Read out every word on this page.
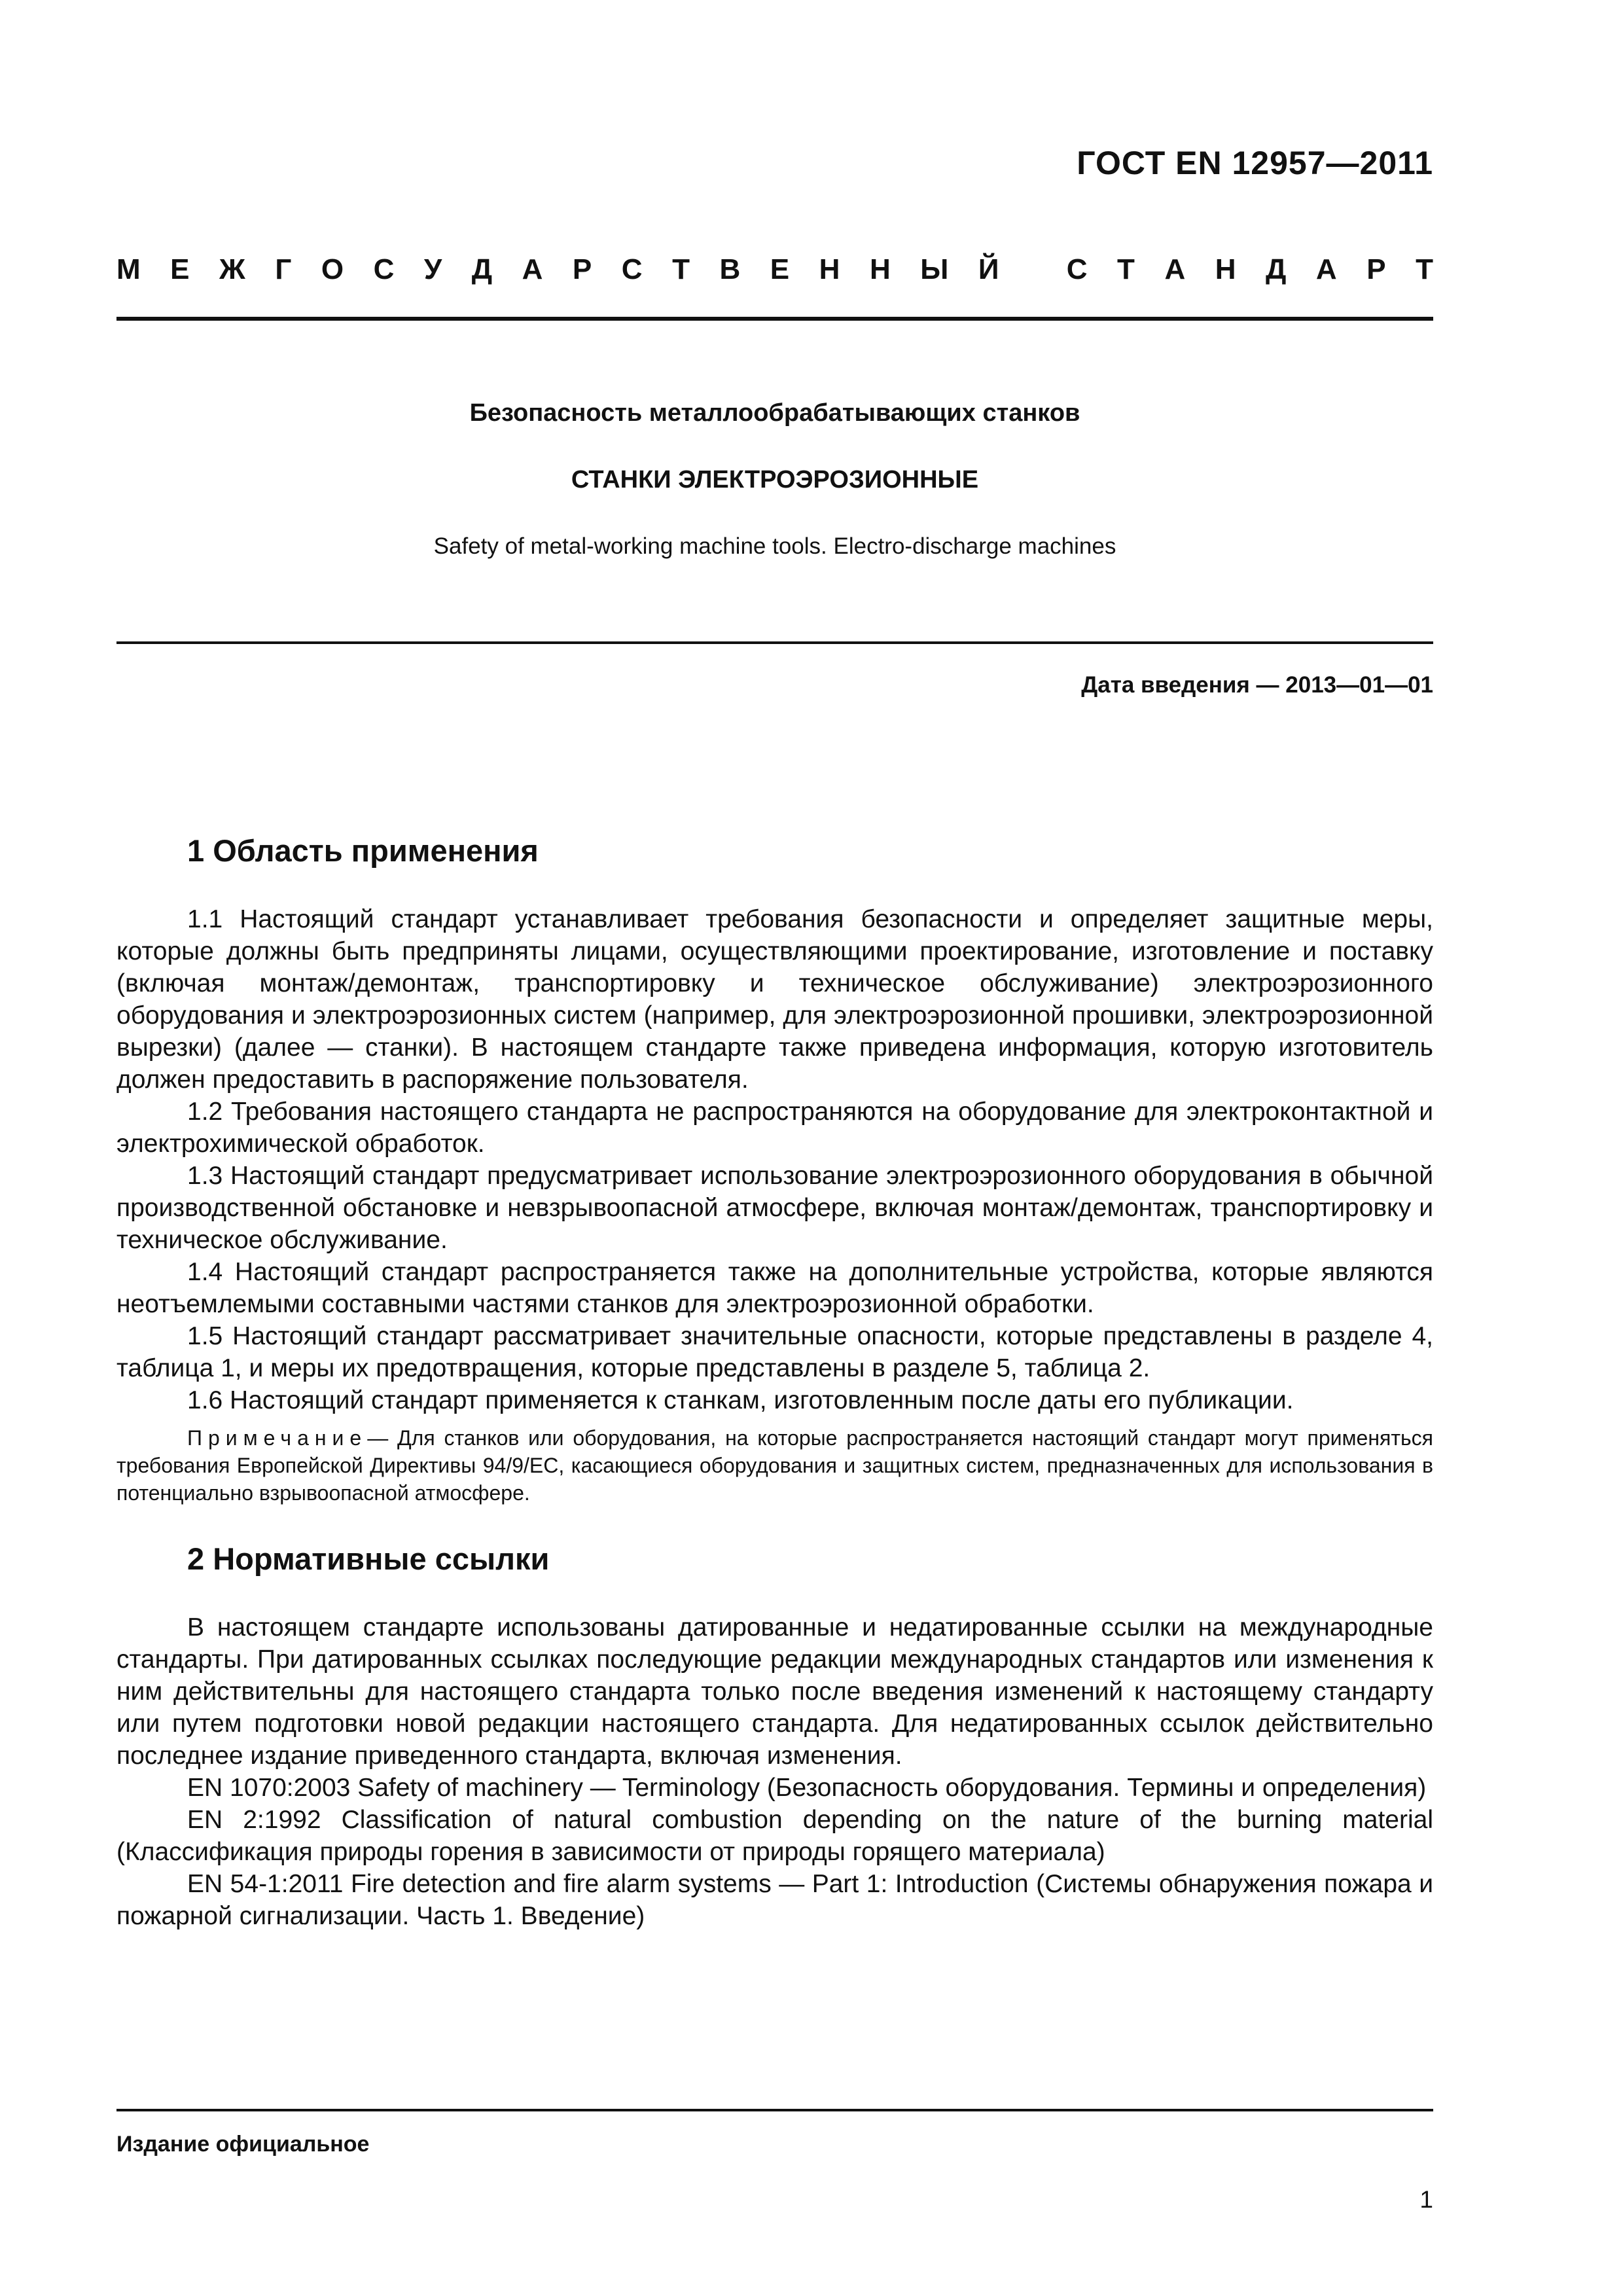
ГОСТ EN 12957—2011
М Е Ж Г О С У Д А Р С Т В Е Н Н Ы Й
С Т А Н Д А Р Т
Безопасность металлообрабатывающих станков
СТАНКИ ЭЛЕКТРОЭРОЗИОННЫЕ
Safety of metal-working machine tools. Electro-discharge machines
Дата введения — 2013—01—01
1 Область применения

1.1 Настоящий стандарт устанавливает требования безопасности и определяет защитные меры, которые должны быть предприняты лицами, осуществляющими проектирование, изготовление и поставку (включая монтаж/демонтаж, транспортировку и техническое обслуживание) электроэрозионного оборудования и электроэрозионных систем (например, для электроэрозионной прошивки, электроэрозионной вырезки) (далее — станки). В настоящем стандарте также приведена информация, которую изготовитель должен предоставить в распоряжение пользователя.

1.2 Требования настоящего стандарта не распространяются на оборудование для электроконтактной и электрохимической обработок.

1.3 Настоящий стандарт предусматривает использование электроэрозионного оборудования в обычной производственной обстановке и невзрывоопасной атмосфере, включая монтаж/демонтаж, транспортировку и техническое обслуживание.

1.4 Настоящий стандарт распространяется также на дополнительные устройства, которые являются неотъемлемыми составными частями станков для электроэрозионной обработки.

1.5 Настоящий стандарт рассматривает значительные опасности, которые представлены в разделе 4, таблица 1, и меры их предотвращения, которые представлены в разделе 5, таблица 2.

1.6 Настоящий стандарт применяется к станкам, изготовленным после даты его публикации.

Примечание— Для станков или оборудования, на которые распространяется настоящий стандарт могут применяться требования Европейской Директивы 94/9/ЕС, касающиеся оборудования и защитных систем, предназначенных для использования в потенциально взрывоопасной атмосфере.

2 Нормативные ссылки

В настоящем стандарте использованы датированные и недатированные ссылки на международные стандарты. При датированных ссылках последующие редакции международных стандартов или изменения к ним действительны для настоящего стандарта только после введения изменений к настоящему стандарту или путем подготовки новой редакции настоящего стандарта. Для недатированных ссылок действительно последнее издание приведенного стандарта, включая изменения.

EN 1070:2003 Safety of machinery — Terminology (Безопасность оборудования. Термины и определения)

EN 2:1992 Classification of natural combustion depending on the nature of the burning material (Классификация природы горения в зависимости от природы горящего материала)

EN 54-1:2011 Fire detection and fire alarm systems — Part 1: Introduction (Системы обнаружения пожара и пожарной сигнализации. Часть 1. Введение)

Издание официальное
1
